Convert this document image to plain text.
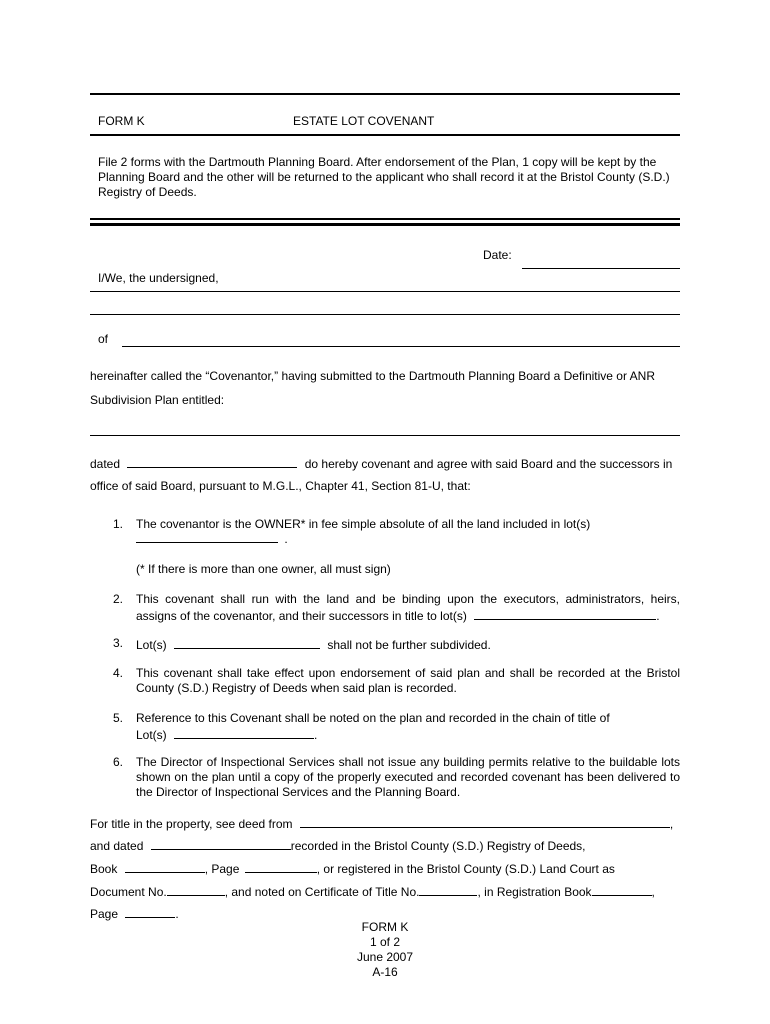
FORM K	ESTATE LOT COVENANT
File 2 forms with the Dartmouth Planning Board. After endorsement of the Plan, 1 copy will be kept by the Planning Board and the other will be returned to the applicant who shall record it at the Bristol County (S.D.) Registry of Deeds.
Date:
I/We, the undersigned,
of
hereinafter called the “Covenantor,” having submitted to the Dartmouth Planning Board a Definitive or ANR
Subdivision Plan entitled:
dated	do hereby covenant and agree with said Board and the successors in
office of said Board, pursuant to M.G.L., Chapter 41, Section 81-U, that:
1. The covenantor is the OWNER* in fee simple absolute of all the land included in lot(s)
.
(* If there is more than one owner, all must sign)
2. This covenant shall run with the land and be binding upon the executors, administrators, heirs,
assigns of the covenantor, and their successors in title to lot(s)	.
3. Lot(s)	shall not be further subdivided.
4. This covenant shall take effect upon endorsement of said plan and shall be recorded at the Bristol County (S.D.) Registry of Deeds when said plan is recorded.
5. Reference to this Covenant shall be noted on the plan and recorded in the chain of title of
Lot(s)	.
6. The Director of Inspectional Services shall not issue any building permits relative to the buildable lots shown on the plan until a copy of the properly executed and recorded covenant has been delivered to the Director of Inspectional Services and the Planning Board.
For title in the property, see deed from	,
and dated	recorded in the Bristol County (S.D.) Registry of Deeds,
Book	, Page	, or registered in the Bristol County (S.D.) Land Court as
Document No.	, and noted on Certificate of Title No.	, in Registration Book	,
Page	.
FORM K
1 of 2
June 2007
A-16
